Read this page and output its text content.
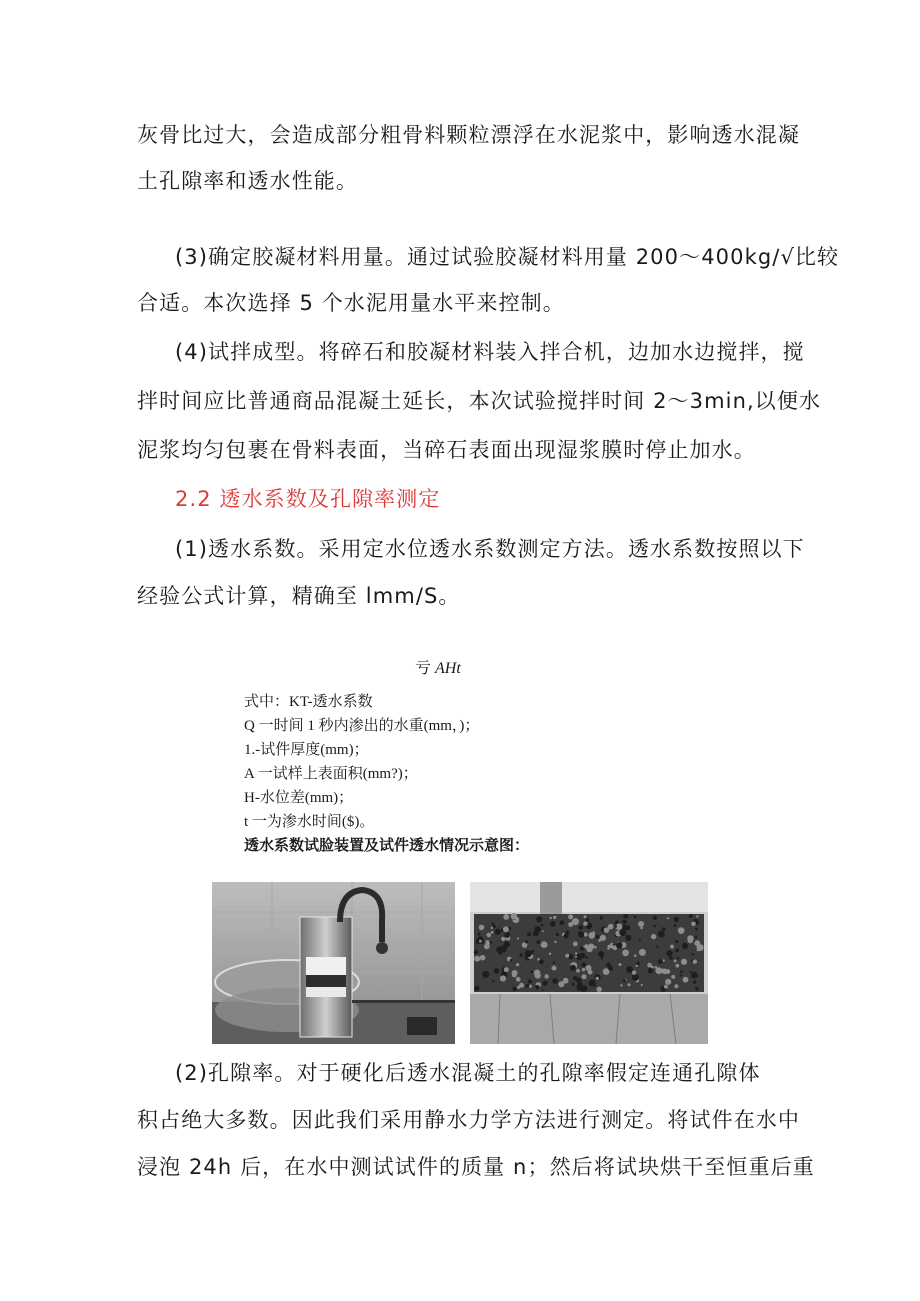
灰骨比过大，会造成部分粗骨料颗粒漂浮在水泥浆中，影响透水混凝
土孔隙率和透水性能。
(3)确定胶凝材料用量。通过试验胶凝材料用量 200～400kg∕√比较
合适。本次选择 5 个水泥用量水平来控制。
(4)试拌成型。将碎石和胶凝材料装入拌合机，边加水边搅拌，搅
拌时间应比普通商品混凝土延长，本次试验搅拌时间 2～3min,以便水
泥浆均匀包裹在骨料表面，当碎石表面出现湿浆膜时停止加水。
2.2 透水系数及孔隙率测定
(1)透水系数。采用定水位透水系数测定方法。透水系数按照以下
经验公式计算，精确至 lmm/S。
亏 AHt
式中：KT-透水系数
Q 一时间 1 秒内渗出的水重(mm，)；
1.-试件厚度(mm)；
A 一试样上表面积(mm?)；
H-水位差(mm)；
t 一为渗水时间($)。
透水系数试脸装置及试件透水情况示意图：
(2)孔隙率。对于硬化后透水混凝土的孔隙率假定连通孔隙体
积占绝大多数。因此我们采用静水力学方法进行测定。将试件在水中
浸泡 24h 后，在水中测试试件的质量 n；然后将试块烘干至恒重后重
